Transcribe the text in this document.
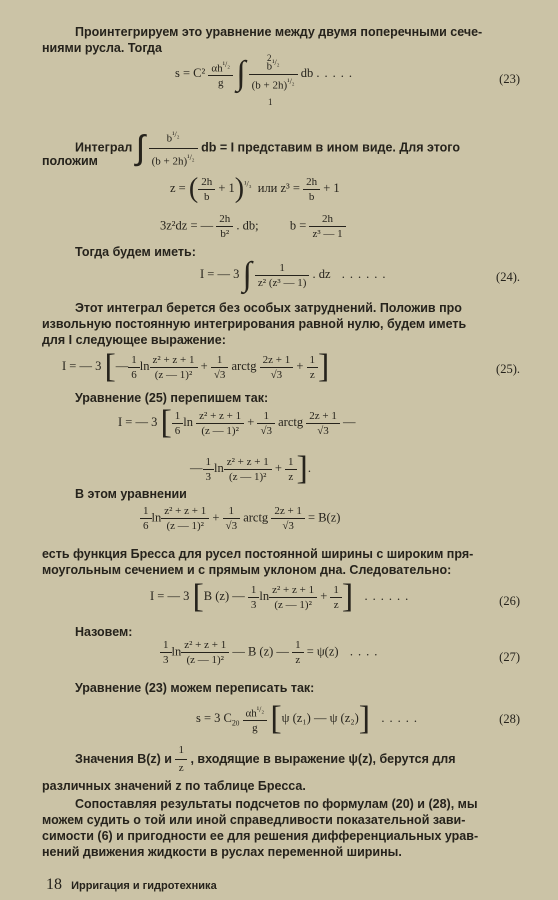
Проинтегрируем это уравнение между двумя поперечными сече-
ниями русла. Тогда
$s = C^2 \frac{\alpha h^{^1/_2}}{g}$ ∫ $\frac{b^{^1/_2}}{(b + 2h)^{^1/_2}}$ db .....
2
1
(23)
Интеграл ∫ $\frac{b^{^1/_2}}{(b + 2h)^{^1/_2}}$ db = I представим в ином виде. Для этого
положим
z = ( $\frac{2h}{b} + 1)^{^1/_3}$ или $z^3 = \frac{2h}{b} + 1$
3z²dz = — $\frac{2h}{\text{b²}}$ . db;	$b = \frac{2h}{\text{z³ — 1}}$
Тогда будем иметь:
I = — 3 ∫ $\frac{1}{\text{z² (z³ — 1)}}$ . dz  ......	(24).
Этот интеграл берется без особых затруднений. Положив про
извольную постоянную интегрирования равной нулю, будем иметь
для I следующее выражение:
I = — 3 [— $\frac{1}{6}$ $\ln \frac{\text{z² + z + 1}}{\text{(z — 1)²}} + \frac{1}{√3}$ arctg $\frac{2z + 1}{√3} + \frac{1}{z}$ ]	(25).
Уравнение (25) перепишем так:
I = — 3 [ $\frac{1}{6}$ $\ln \frac{\text{z² + z + 1}}{\text{(z — 1)²}} + \frac{1}{√3}$ arctg $\frac{2z + 1}{√3}$ —
— $\frac{1}{3}$ $\ln \frac{\text{z² + z + 1}}{\text{(z — 1)²}} + \frac{1}{z}$ ].
В этом уравнении
$\frac{1}{6}$ $\ln \frac{\text{z² + z + 1}}{\text{(z — 1)²}} + \frac{1}{√3}$ arctg $\frac{2z + 1}{√3} = B(z)$
есть функция Бресса для русел постоянной ширины с широким пря-
моугольным сечением и с прямым уклоном дна. Следовательно:
I = — 3 [B (z) — $\frac{1}{3}$ $\ln \frac{\text{z² + z + 1}}{\text{(z — 1)²}} + \frac{1}{z}$ ]  ......	(26)
Назовем:
$\frac{1}{3}$ $\ln \frac{\text{z² + z + 1}}{\text{(z — 1)²}}$ — B (z) — $\frac{1}{z} = \psi(z)$  ....	(27)
Уравнение (23) можем переписать так:
s = 3 $C_{20} \frac{\alpha h^{^1/_2}}{g} [\psi$ (z₁) — ψ (z₂)]  .....	(28)
Значения B(z) и $\frac{1}{z}$ , входящие в выражение ψ(z), берутся для
различных значений z по таблице Бресса.
Сопоставляя результаты подсчетов по формулам (20) и (28), мы
можем судить о той или иной справедливости показательной зави-
симости (6) и пригодности ее для решения дифференциальных урав-
нений движения жидкости в руслах переменной ширины.
18 Ирригация и гидротехника
